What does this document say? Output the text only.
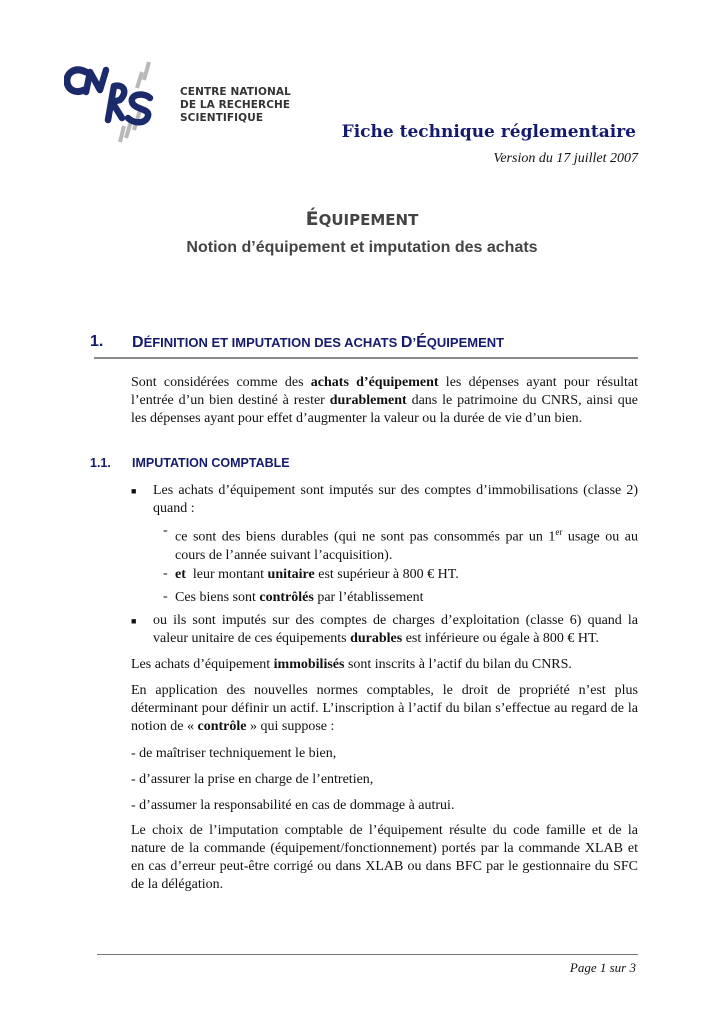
CENTRE NATIONAL
DE LA RECHERCHE
SCIENTIFIQUE
Fiche technique réglementaire
Version du 17 juillet 2007
ÉQUIPEMENT
Notion d’équipement et imputation des achats
1. DÉFINITION ET IMPUTATION DES ACHATS D’ÉQUIPEMENT
Sont considérées comme des achats d’équipement les dépenses ayant pour résultat l’entrée d’un bien destiné à rester durablement dans le patrimoine du CNRS, ainsi que les dépenses ayant pour effet d’augmenter la valeur ou la durée de vie d’un bien.
1.1. IMPUTATION COMPTABLE
■ Les achats d’équipement sont imputés sur des comptes d’immobilisations (classe 2) quand :
- ce sont des biens durables (qui ne sont pas consommés par un 1er usage ou au cours de l’année suivant l’acquisition).
- et  leur montant unitaire est supérieur à 800 € HT.
- Ces biens sont contrôlés par l’établissement
■ ou ils sont imputés sur des comptes de charges d’exploitation (classe 6) quand la valeur unitaire de ces équipements durables est inférieure ou égale à 800 € HT.
Les achats d’équipement immobilisés sont inscrits à l’actif du bilan du CNRS.
En application des nouvelles normes comptables, le droit de propriété n’est plus déterminant pour définir un actif. L’inscription à l’actif du bilan s’effectue au regard de la notion de « contrôle » qui suppose :
- de maîtriser techniquement le bien,
- d’assurer la prise en charge de l’entretien,
- d’assumer la responsabilité en cas de dommage à autrui.
Le choix de l’imputation comptable de l’équipement résulte du code famille et de la nature de la commande (équipement/fonctionnement) portés par la commande XLAB et en cas d’erreur peut-être corrigé ou dans XLAB ou dans BFC par le gestionnaire du SFC de la délégation.
Page 1 sur 3
